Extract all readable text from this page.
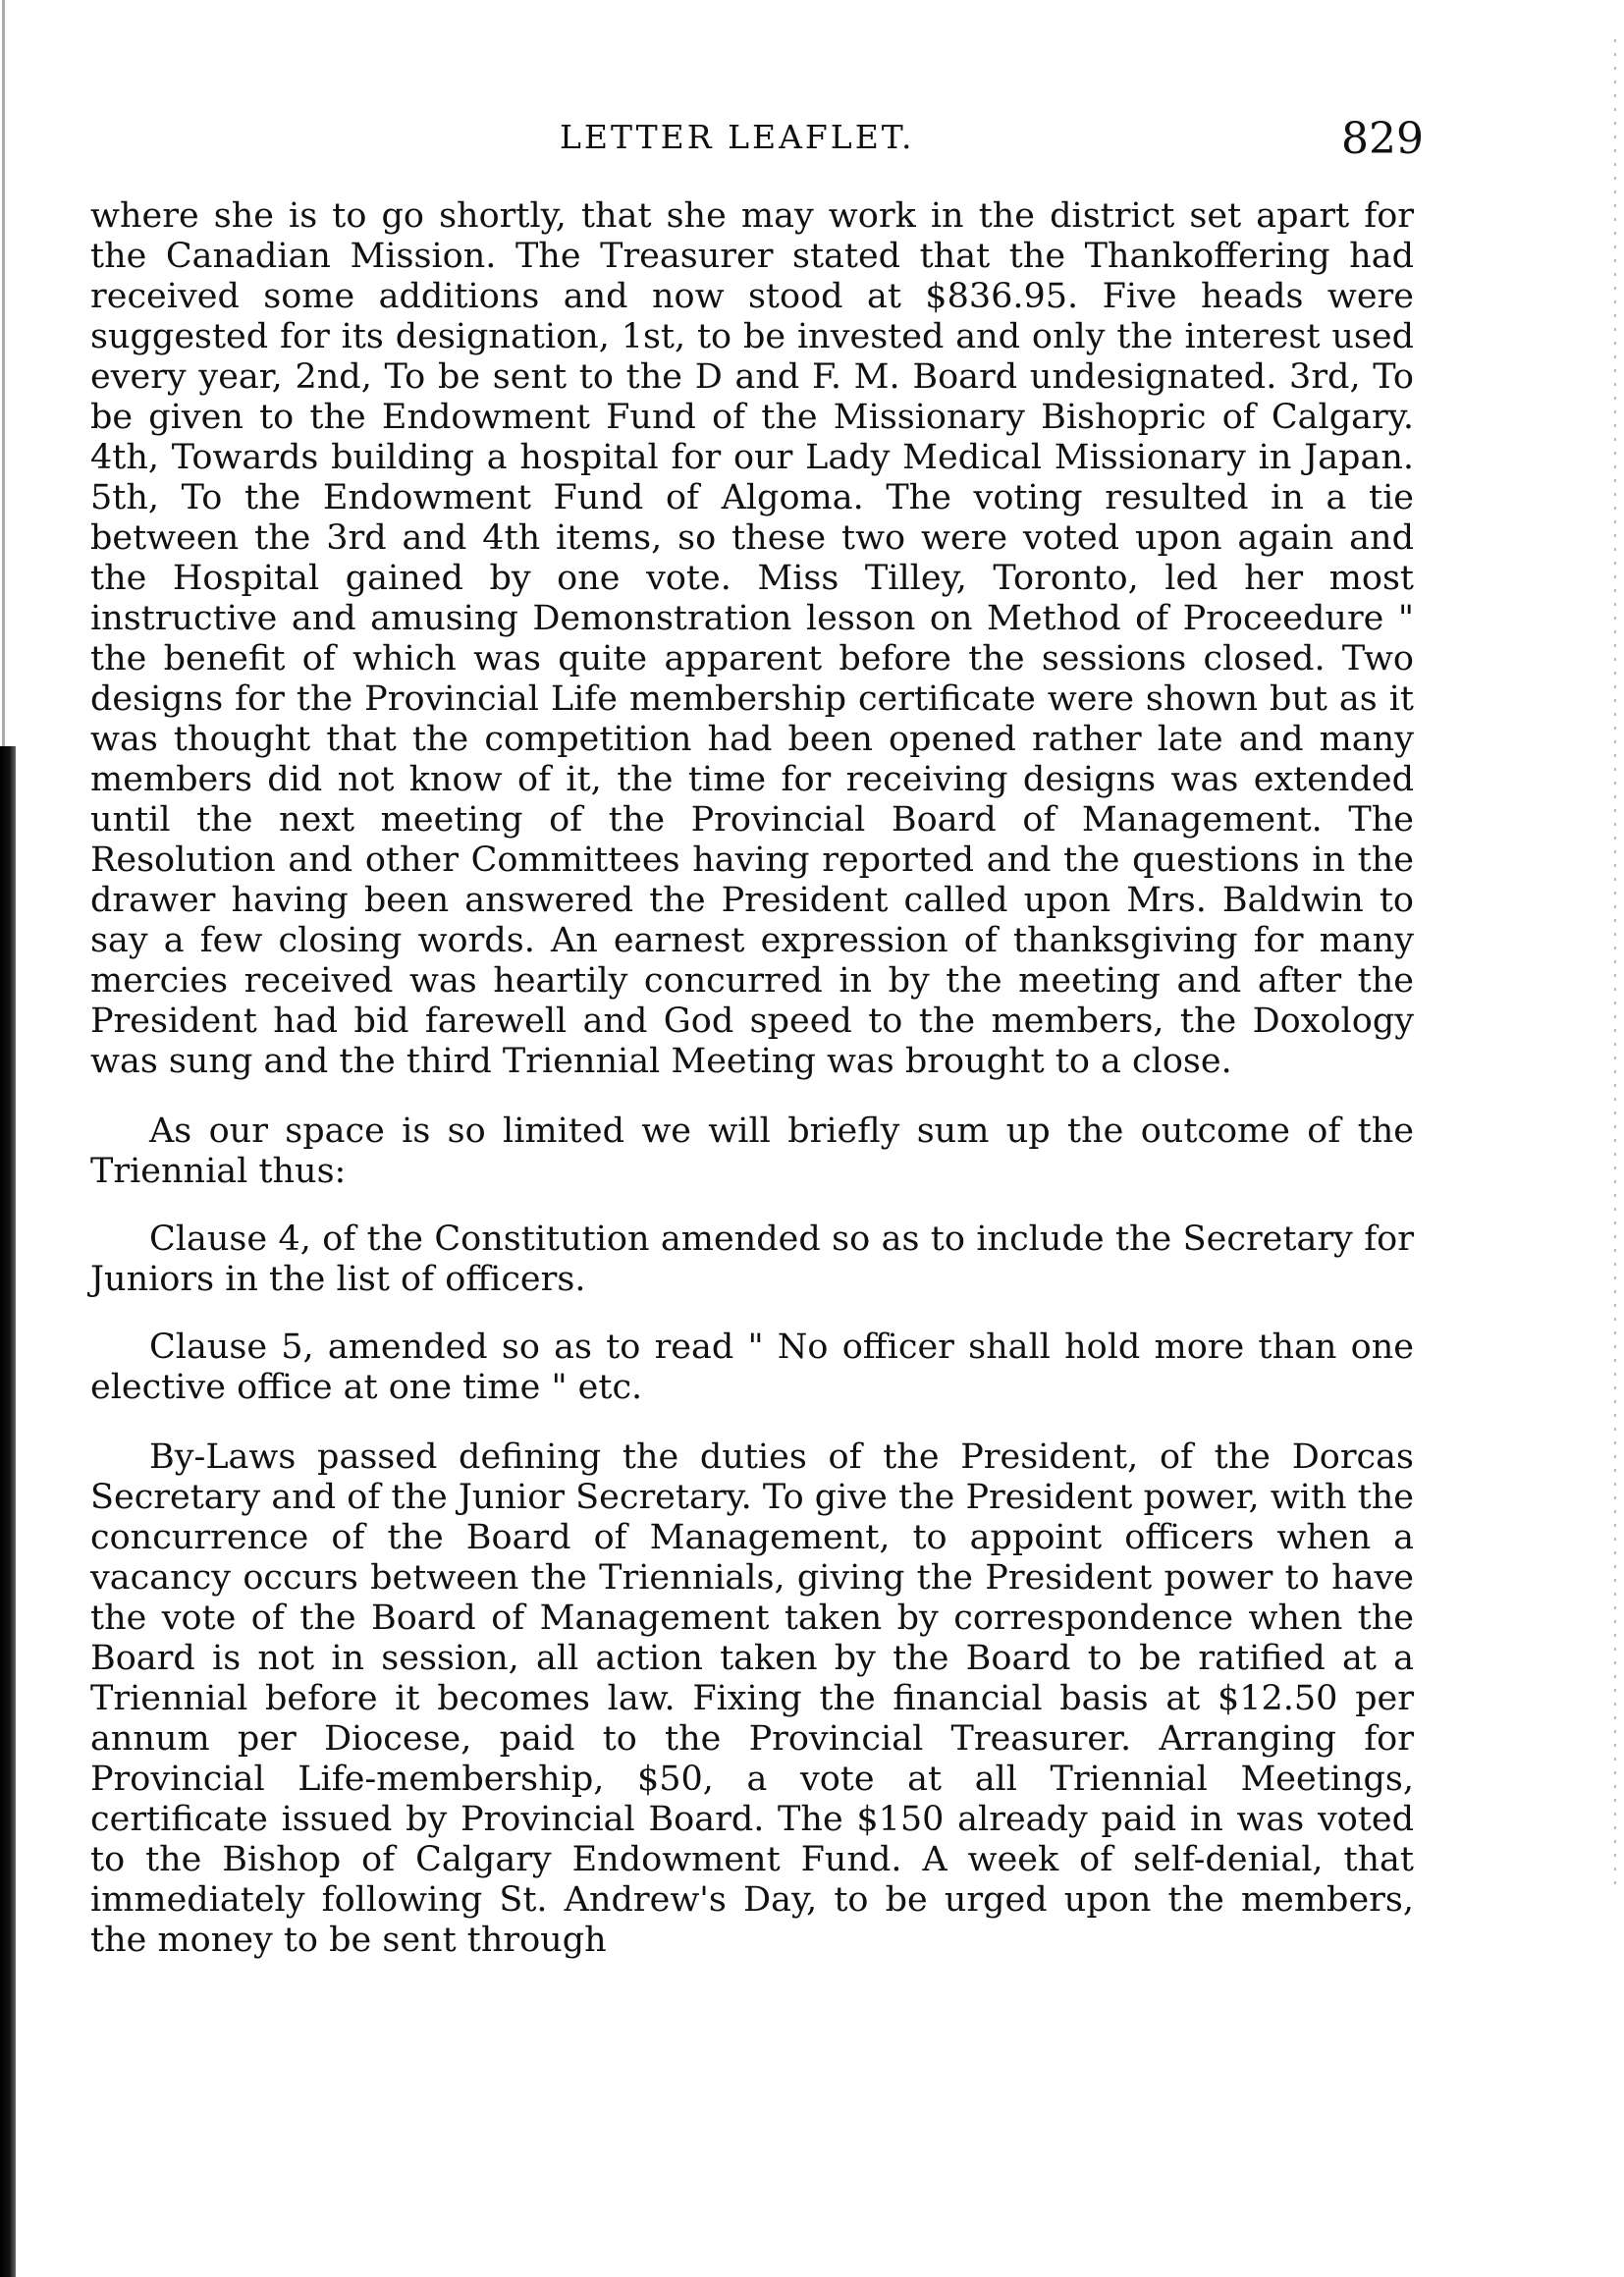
LETTER LEAFLET.	829

where she is to go shortly, that she may work in the district set apart for the Canadian Mission. The Treasurer stated that the Thankoffering had received some additions and now stood at $836.95. Five heads were suggested for its designation, 1st, to be invested and only the interest used every year, 2nd, To be sent to the D and F. M. Board undesignated. 3rd, To be given to the Endowment Fund of the Missionary Bishopric of Calgary. 4th, Towards building a hospital for our Lady Medical Missionary in Japan. 5th, To the Endowment Fund of Algoma. The voting resulted in a tie between the 3rd and 4th items, so these two were voted upon again and the Hospital gained by one vote. Miss Tilley, Toronto, led her most instructive and amusing Demonstration lesson on Method of Proceedure " the benefit of which was quite apparent before the sessions closed. Two designs for the Provincial Life membership certificate were shown but as it was thought that the competition had been opened rather late and many members did not know of it, the time for receiving designs was extended until the next meeting of the Provincial Board of Management. The Resolution and other Committees having reported and the questions in the drawer having been answered the President called upon Mrs. Baldwin to say a few closing words. An earnest expression of thanksgiving for many mercies received was heartily concurred in by the meeting and after the President had bid farewell and God speed to the members, the Doxology was sung and the third Triennial Meeting was brought to a close.

As our space is so limited we will briefly sum up the outcome of the Triennial thus:

Clause 4, of the Constitution amended so as to include the Secretary for Juniors in the list of officers.

Clause 5, amended so as to read " No officer shall hold more than one elective office at one time " etc.

By-Laws passed defining the duties of the President, of the Dorcas Secretary and of the Junior Secretary. To give the President power, with the concurrence of the Board of Management, to appoint officers when a vacancy occurs between the Triennials, giving the President power to have the vote of the Board of Management taken by correspondence when the Board is not in session, all action taken by the Board to be ratified at a Triennial before it becomes law. Fixing the financial basis at $12.50 per annum per Diocese, paid to the Provincial Treasurer. Arranging for Provincial Life-membership, $50, a vote at all Triennial Meetings, certificate issued by Provincial Board. The $150 already paid in was voted to the Bishop of Calgary Endowment Fund. A week of self-denial, that immediately following St. Andrew's Day, to be urged upon the members, the money to be sent through
